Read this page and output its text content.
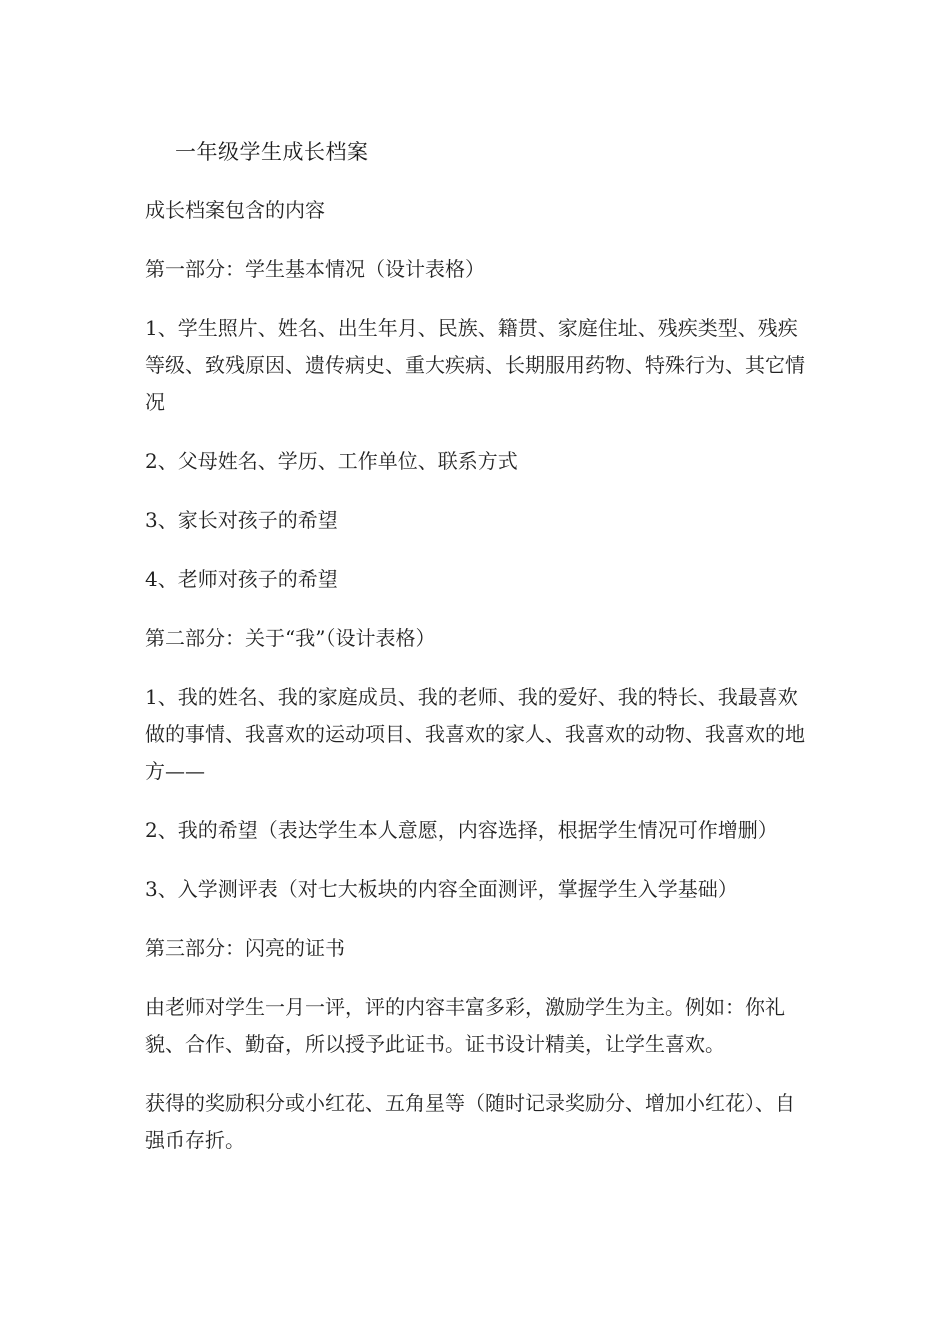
一年级学生成长档案

成长档案包含的内容

第一部分：学生基本情况（设计表格）

1、学生照片、姓名、出生年月、民族、籍贯、家庭住址、残疾类型、残疾等级、致残原因、遗传病史、重大疾病、长期服用药物、特殊行为、其它情况

2、父母姓名、学历、工作单位、联系方式

3、家长对孩子的希望

4、老师对孩子的希望

第二部分：关于“我”（设计表格）

1、我的姓名、我的家庭成员、我的老师、我的爱好、我的特长、我最喜欢做的事情、我喜欢的运动项目、我喜欢的家人、我喜欢的动物、我喜欢的地方——

2、我的希望（表达学生本人意愿，内容选择，根据学生情况可作增删）

3、入学测评表（对七大板块的内容全面测评，掌握学生入学基础）

第三部分：闪亮的证书

由老师对学生一月一评，评的内容丰富多彩，激励学生为主。例如：你礼貌、合作、勤奋，所以授予此证书。证书设计精美，让学生喜欢。

获得的奖励积分或小红花、五角星等（随时记录奖励分、增加小红花）、自强币存折。
